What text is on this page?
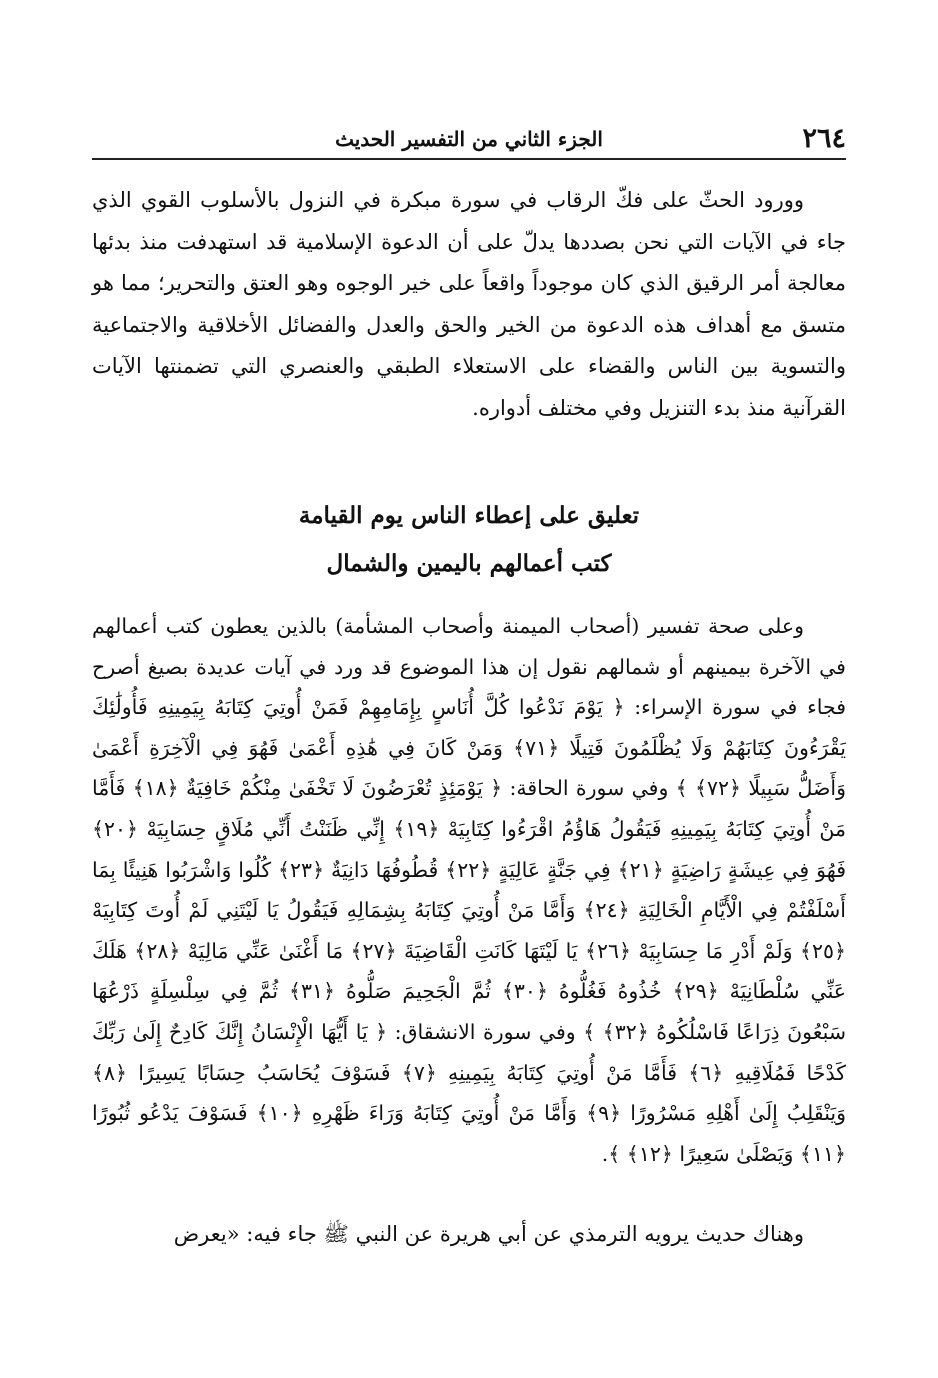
٢٦٤
الجزء الثاني من التفسير الحديث

وورود الحثّ على فكّ الرقاب في سورة مبكرة في النزول بالأسلوب القوي الذي جاء في الآيات التي نحن بصددها يدلّ على أن الدعوة الإسلامية قد استهدفت منذ بدئها معالجة أمر الرقيق الذي كان موجوداً واقعاً على خير الوجوه وهو العتق والتحرير؛ مما هو متسق مع أهداف هذه الدعوة من الخير والحق والعدل والفضائل الأخلاقية والاجتماعية والتسوية بين الناس والقضاء على الاستعلاء الطبقي والعنصري التي تضمنتها الآيات القرآنية منذ بدء التنزيل وفي مختلف أدواره.

تعليق على إعطاء الناس يوم القيامة
كتب أعمالهم باليمين والشمال

وعلى صحة تفسير (أصحاب الميمنة وأصحاب المشأمة) بالذين يعطون كتب أعمالهم في الآخرة بيمينهم أو شمالهم نقول إن هذا الموضوع قد ورد في آيات عديدة بصيغ أصرح فجاء في سورة الإسراء: ﴿ يَوْمَ نَدْعُوا كُلَّ أُنَاسٍ بِإِمَامِهِمْ فَمَنْ أُوتِيَ كِتَابَهُ بِيَمِينِهِ فَأُولَٰئِكَ يَقْرَءُونَ كِتَابَهُمْ وَلَا يُظْلَمُونَ فَتِيلًا ﴿٧١﴾ وَمَنْ كَانَ فِي هَٰذِهِ أَعْمَىٰ فَهُوَ فِي الْآخِرَةِ أَعْمَىٰ وَأَضَلُّ سَبِيلًا ﴿٧٢﴾ ﴾ وفي سورة الحاقة: ﴿ يَوْمَئِذٍ تُعْرَضُونَ لَا تَخْفَىٰ مِنْكُمْ خَافِيَةٌ ﴿١٨﴾ فَأَمَّا مَنْ أُوتِيَ كِتَابَهُ بِيَمِينِهِ فَيَقُولُ هَاؤُمُ اقْرَءُوا كِتَابِيَهْ ﴿١٩﴾ إِنِّي ظَنَنْتُ أَنِّي مُلَاقٍ حِسَابِيَهْ ﴿٢٠﴾ فَهُوَ فِي عِيشَةٍ رَاضِيَةٍ ﴿٢١﴾ فِي جَنَّةٍ عَالِيَةٍ ﴿٢٢﴾ قُطُوفُهَا دَانِيَةٌ ﴿٢٣﴾ كُلُوا وَاشْرَبُوا هَنِيئًا بِمَا أَسْلَفْتُمْ فِي الْأَيَّامِ الْخَالِيَةِ ﴿٢٤﴾ وَأَمَّا مَنْ أُوتِيَ كِتَابَهُ بِشِمَالِهِ فَيَقُولُ يَا لَيْتَنِي لَمْ أُوتَ كِتَابِيَهْ ﴿٢٥﴾ وَلَمْ أَدْرِ مَا حِسَابِيَهْ ﴿٢٦﴾ يَا لَيْتَهَا كَانَتِ الْقَاضِيَةَ ﴿٢٧﴾ مَا أَغْنَىٰ عَنِّي مَالِيَهْ ﴿٢٨﴾ هَلَكَ عَنِّي سُلْطَانِيَهْ ﴿٢٩﴾ خُذُوهُ فَغُلُّوهُ ﴿٣٠﴾ ثُمَّ الْجَحِيمَ صَلُّوهُ ﴿٣١﴾ ثُمَّ فِي سِلْسِلَةٍ ذَرْعُهَا سَبْعُونَ ذِرَاعًا فَاسْلُكُوهُ ﴿٣٢﴾ ﴾ وفي سورة الانشقاق: ﴿ يَا أَيُّهَا الْإِنْسَانُ إِنَّكَ كَادِحٌ إِلَىٰ رَبِّكَ كَدْحًا فَمُلَاقِيهِ ﴿٦﴾ فَأَمَّا مَنْ أُوتِيَ كِتَابَهُ بِيَمِينِهِ ﴿٧﴾ فَسَوْفَ يُحَاسَبُ حِسَابًا يَسِيرًا ﴿٨﴾ وَيَنْقَلِبُ إِلَىٰ أَهْلِهِ مَسْرُورًا ﴿٩﴾ وَأَمَّا مَنْ أُوتِيَ كِتَابَهُ وَرَاءَ ظَهْرِهِ ﴿١٠﴾ فَسَوْفَ يَدْعُو ثُبُورًا ﴿١١﴾ وَيَصْلَىٰ سَعِيرًا ﴿١٢﴾ ﴾.

وهناك حديث يرويه الترمذي عن أبي هريرة عن النبي ﷺ جاء فيه: «يعرض
